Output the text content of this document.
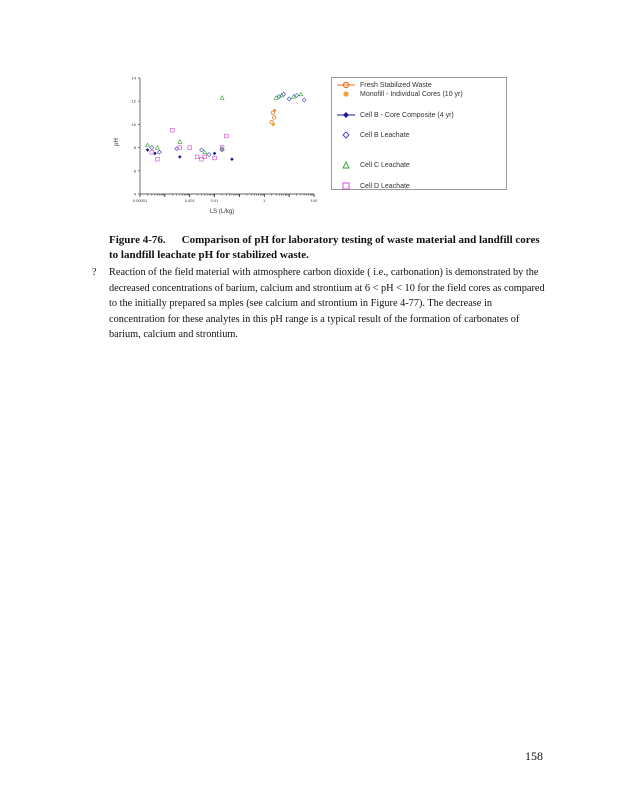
4
6
8
10
12
14
0.00001	0.001	0.01	1	100
pH
LS (L/kg)
Fresh Stabilized Waste
Monofill - Individual Cores (10 yr)
Cell B - Core Composite (4 yr)
Cell B Leachate
Cell C Leachate
Cell D Leachate
Figure 4-76. Comparison of pH for laboratory testing of waste material and landfill cores to landfill leachate pH for stabilized waste.
? Reaction of the field material with atmosphere carbon dioxide ( i.e., carbonation) is demonstrated by the decreased concentrations of barium, calcium and strontium at 6 < pH < 10 for the field cores as compared to the initially prepared sa mples (see calcium and strontium in Figure 4-77). The decrease in concentration for these analytes in this pH range is a typical result of the formation of carbonates of barium, calcium and strontium.
158
